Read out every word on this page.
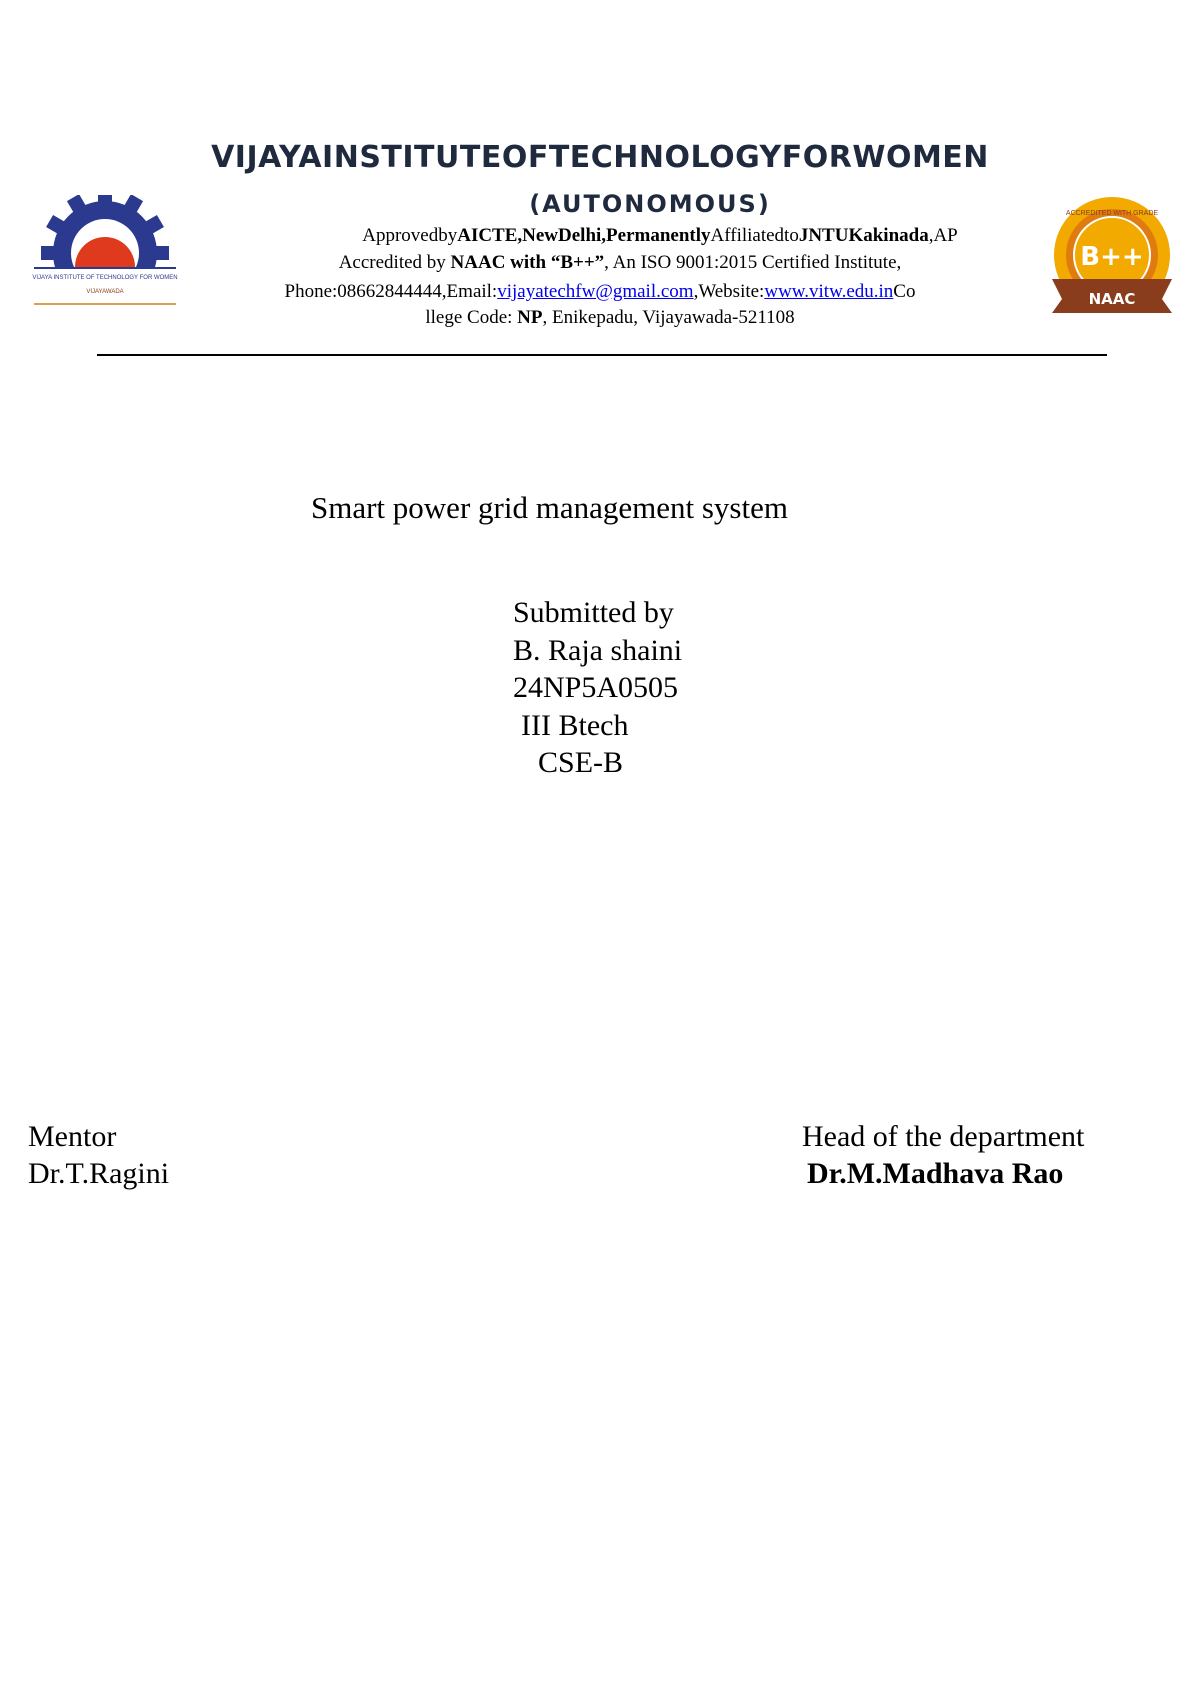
VIJAYA INSTITUTE OF TECHNOLOGY FOR WOMEN
VIJAYAWADA
B++
NAAC
ACCREDITED WITH GRADE
VIJAYAINSTITUTEOFTECHNOLOGYFORWOMEN
(AUTONOMOUS)
ApprovedbyAICTE,NewDelhi,PermanentlyAffiliatedtoJNTUKakinada,AP
Accredited by NAAC with “B++”, An ISO 9001:2015 Certified Institute,
Phone:08662844444,Email:vijayatechfw@gmail.com,Website:www.vitw.edu.inCo
llege Code: NP, Enikepadu, Vijayawada-521108
Smart power grid management system
Submitted by
B. Raja shaini
24NP5A0505
III Btech
CSE-B
Mentor
Dr.T.Ragini
Head of the department
Dr.M.Madhava Rao
